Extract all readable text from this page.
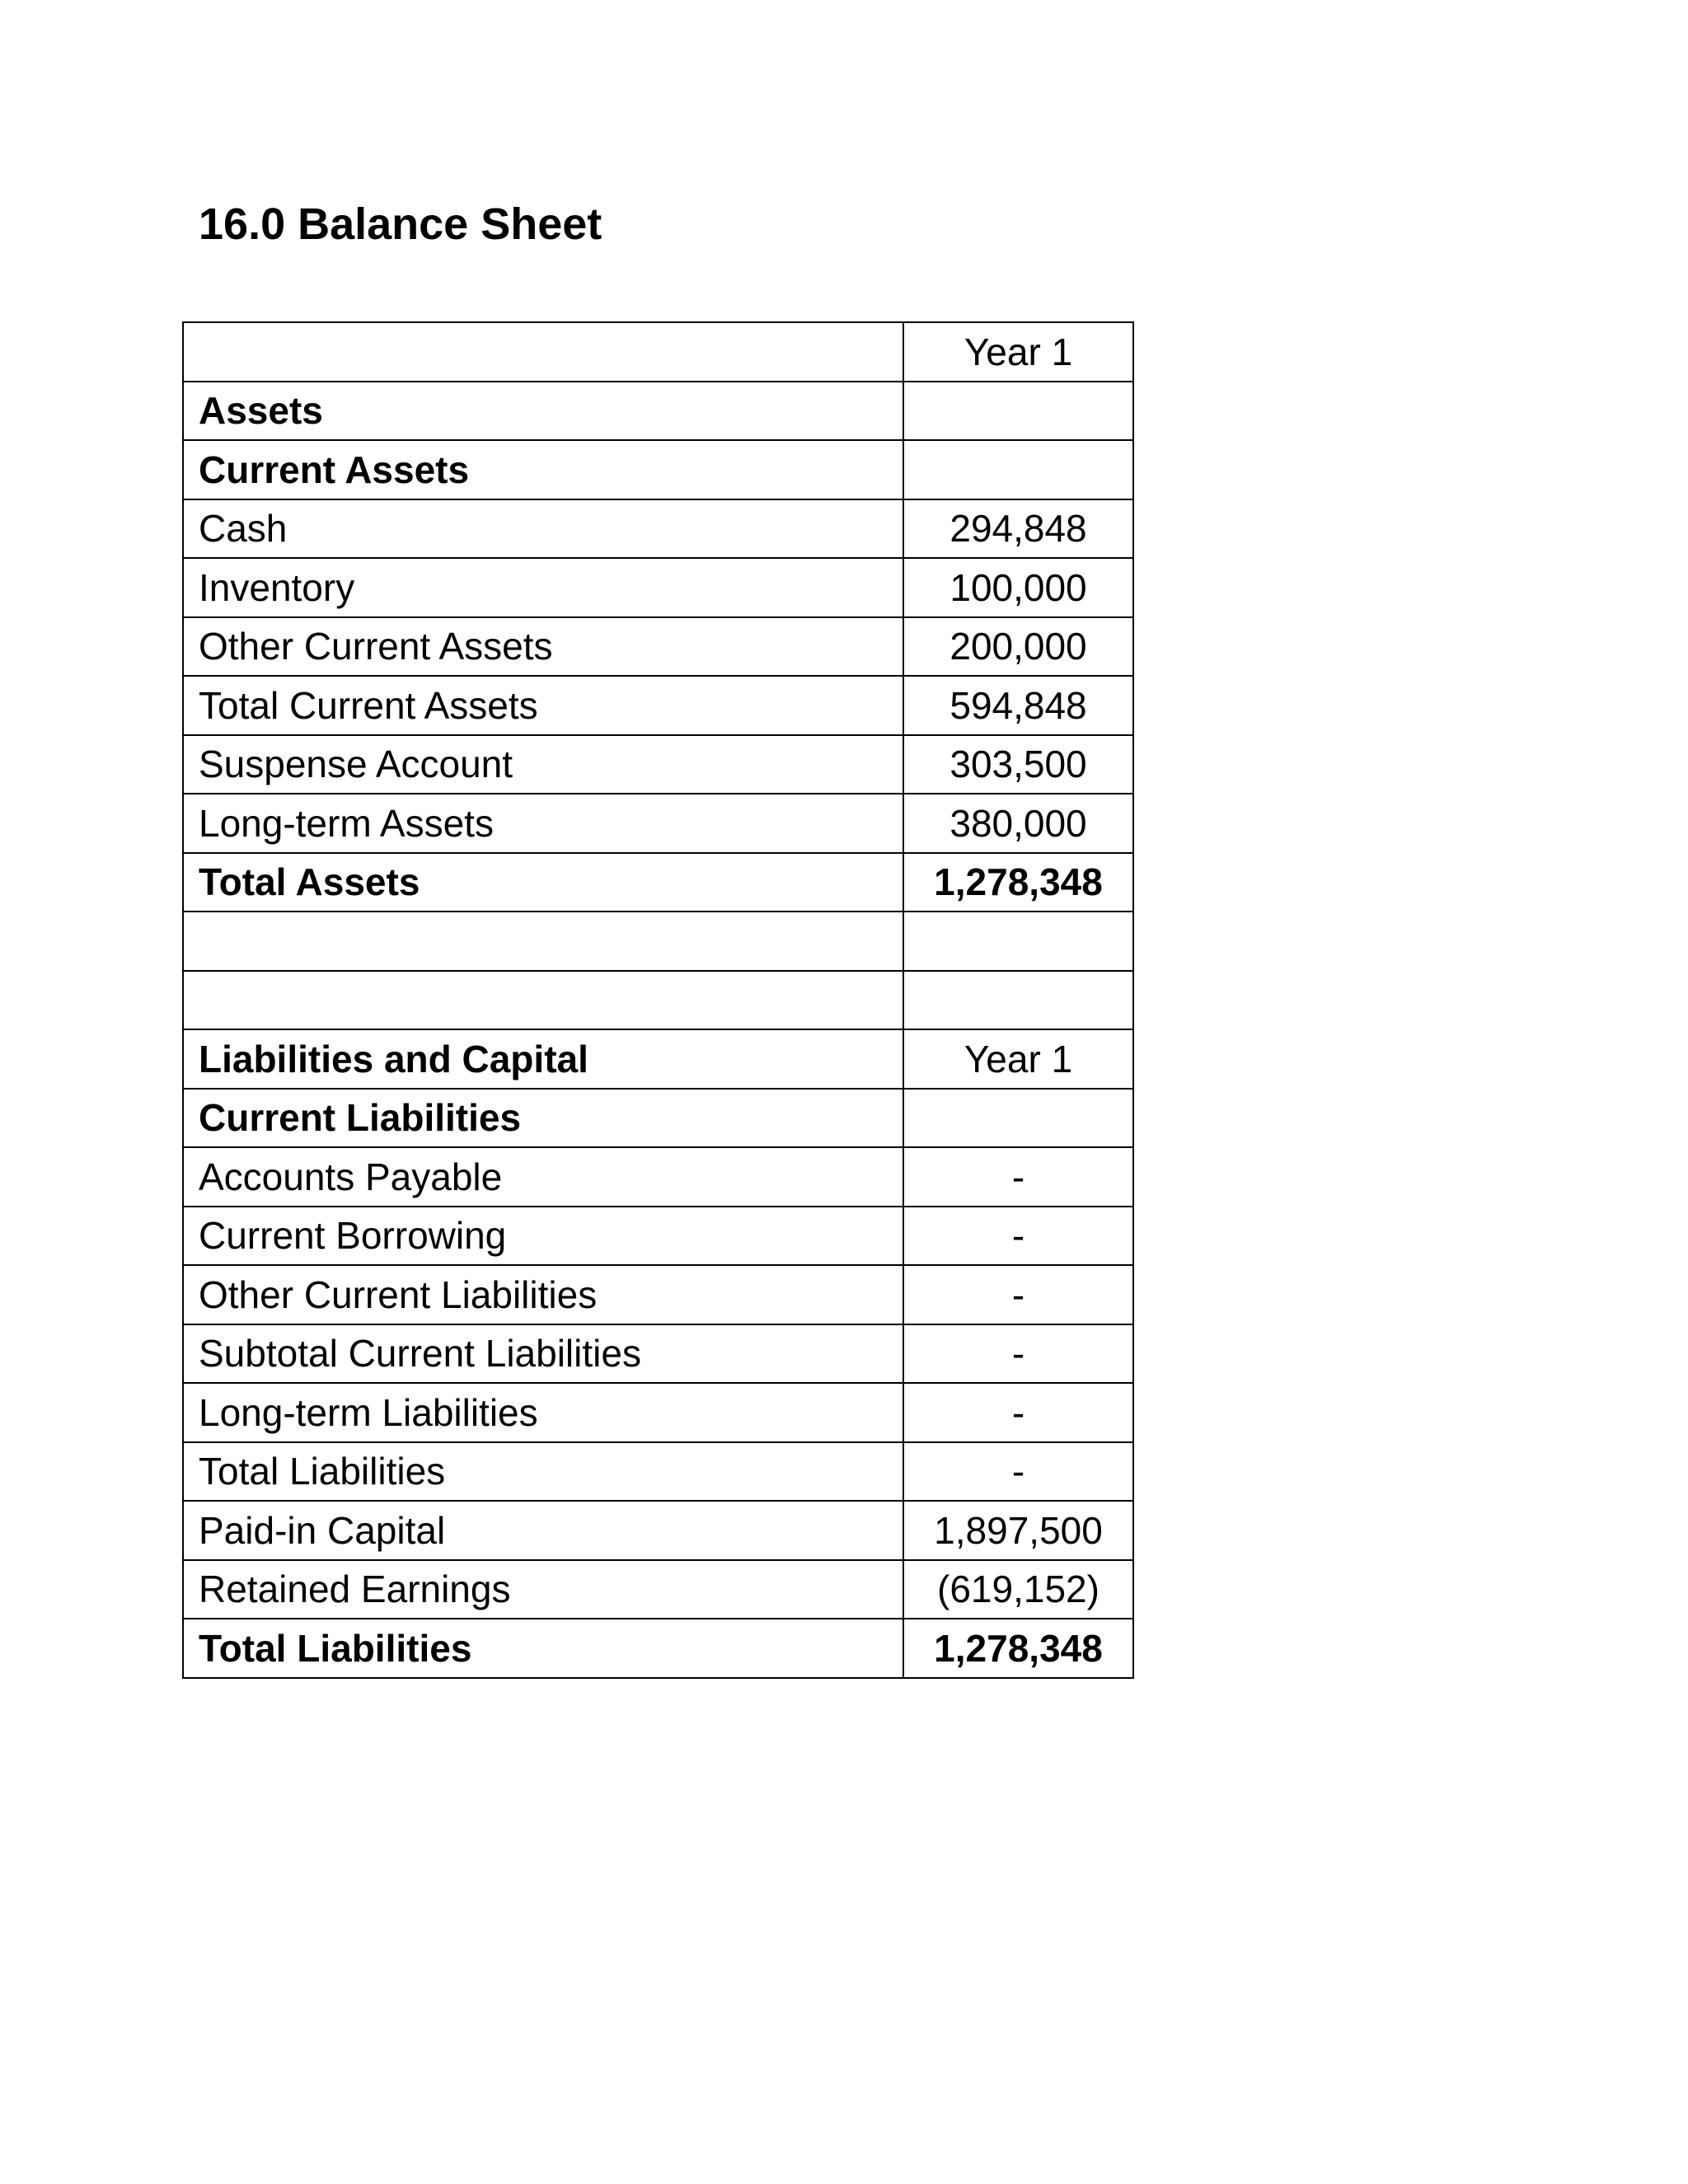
16.0 Balance Sheet
	Year 1
Assets	
Current Assets	
Cash	294,848
Inventory	100,000
Other Current Assets	200,000
Total Current Assets	594,848
Suspense Account	303,500
Long-term Assets	380,000
Total Assets	1,278,348

Liabilities and Capital	Year 1
Current Liabilities	
Accounts Payable	-
Current Borrowing	-
Other Current Liabilities	-
Subtotal Current Liabilities	-
Long-term Liabilities	-
Total Liabilities	-
Paid-in Capital	1,897,500
Retained Earnings	(619,152)
Total Liabilities	1,278,348
